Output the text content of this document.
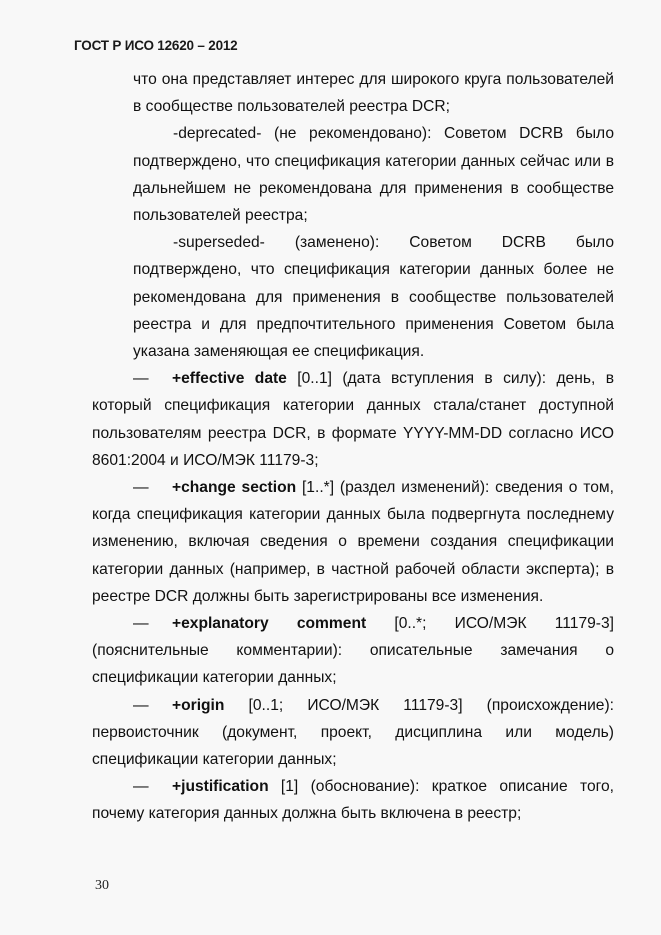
ГОСТ Р ИСО 12620 – 2012

что она представляет интерес для широкого круга пользователей в сообществе пользователей реестра DCR;

-deprecated- (не рекомендовано): Советом DCRB было подтверждено, что спецификация категории данных сейчас или в дальнейшем не рекомендована для применения в сообществе пользователей реестра;

-superseded- (заменено): Советом DCRB было подтверждено, что спецификация категории данных более не рекомендована для применения в сообществе пользователей реестра и для предпочтительного применения Советом была указана заменяющая ее спецификация.

— +effective date [0..1] (дата вступления в силу): день, в который спецификация категории данных стала/станет доступной пользователям реестра DCR, в формате YYYY-MM-DD согласно ИСО 8601:2004 и ИСО/МЭК 11179-3;

— +change section [1..*] (раздел изменений): сведения о том, когда спецификация категории данных была подвергнута последнему изменению, включая сведения о времени создания спецификации категории данных (например, в частной рабочей области эксперта); в реестре DCR должны быть зарегистрированы все изменения.

— +explanatory comment [0..*; ИСО/МЭК 11179-3] (пояснительные комментарии): описательные замечания о спецификации категории данных;

— +origin [0..1; ИСО/МЭК 11179-3] (происхождение): первоисточник (документ, проект, дисциплина или модель) спецификации категории данных;

— +justification [1] (обоснование): краткое описание того, почему категория данных должна быть включена в реестр;

30
